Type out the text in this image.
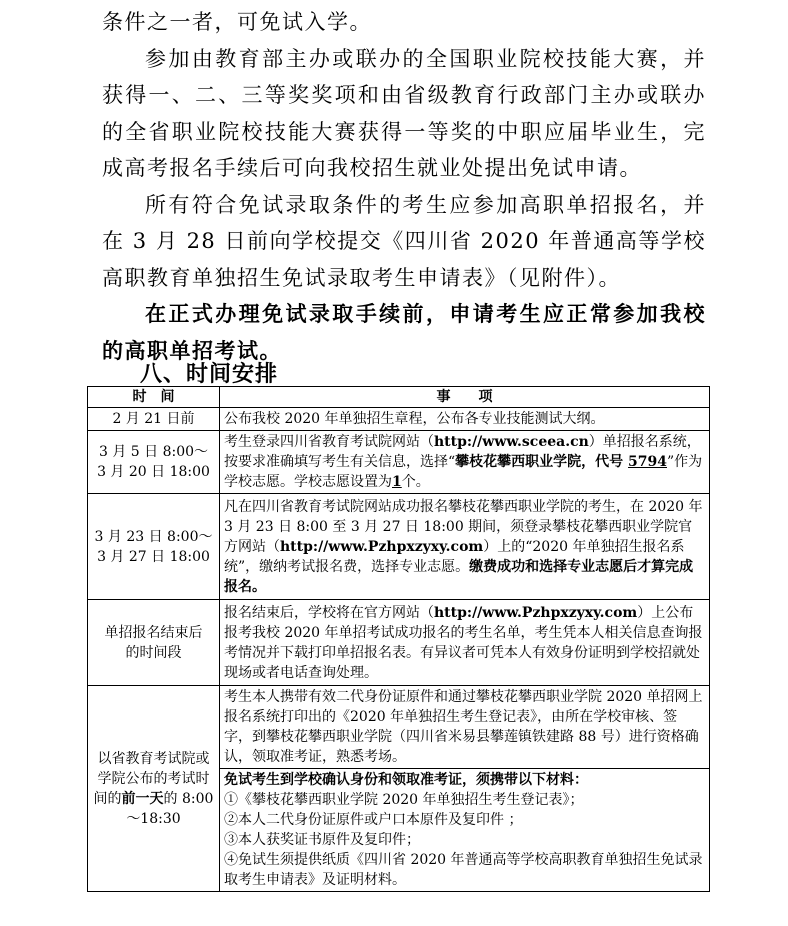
条件之一者，可免试入学。

参加由教育部主办或联办的全国职业院校技能大赛，并获得一、二、三等奖奖项和由省级教育行政部门主办或联办的全省职业院校技能大赛获得一等奖的中职应届毕业生，完成高考报名手续后可向我校招生就业处提出免试申请。

所有符合免试录取条件的考生应参加高职单招报名，并在 3 月 28 日前向学校提交《四川省 2020 年普通高等学校高职教育单独招生免试录取考生申请表》（见附件）。

在正式办理免试录取手续前，申请考生应正常参加我校的高职单招考试。

八、时间安排
时　间	事　　项
2 月 21 日前	公布我校 2020 年单独招生章程，公布各专业技能测试大纲。

3 月 5 日 8:00～
3 月 20 日 18:00	考生登录四川省教育考试院网站（http://www.sceea.cn）单招报名系统，按要求准确填写考生有关信息，选择“攀枝花攀西职业学院，代号 5794”作为学校志愿。学校志愿设置为1个。

3 月 23 日 8:00～
3 月 27 日 18:00	凡在四川省教育考试院网站成功报名攀枝花攀西职业学院的考生，在 2020 年 3 月 23 日 8:00 至 3 月 27 日 18:00 期间，须登录攀枝花攀西职业学院官方网站（http://www.Pzhpxzyxy.com）上的“2020 年单独招生报名系统”，缴纳考试报名费，选择专业志愿。缴费成功和选择专业志愿后才算完成报名。

单招报名结束后
的时间段	报名结束后，学校将在官方网站（http://www.Pzhpxzyxy.com）上公布报考我校 2020 年单招考试成功报名的考生名单，考生凭本人相关信息查询报考情况并下载打印单招报名表。有异议者可凭本人有效身份证明到学校招就处现场或者电话查询处理。
以省教育考试院或学院公布的考试时间的前一天的 8:00～18:30	考生本人携带有效二代身份证原件和通过攀枝花攀西职业学院 2020 单招网上报名系统打印出的《2020 年单独招生考生登记表》，由所在学校审核、签字，到攀枝花攀西职业学院（四川省米易县攀莲镇铁建路 88 号）进行资格确认，领取准考证，熟悉考场。

	免试考生到学校确认身份和领取准考证，须携带以下材料：
①《攀枝花攀西职业学院 2020 年单独招生考生登记表》；
②本人二代身份证原件或户口本原件及复印件 ；
③本人获奖证书原件及复印件；
④免试生须提供纸质《四川省 2020 年普通高等学校高职教育单独招生免试录取考生申请表》及证明材料。
